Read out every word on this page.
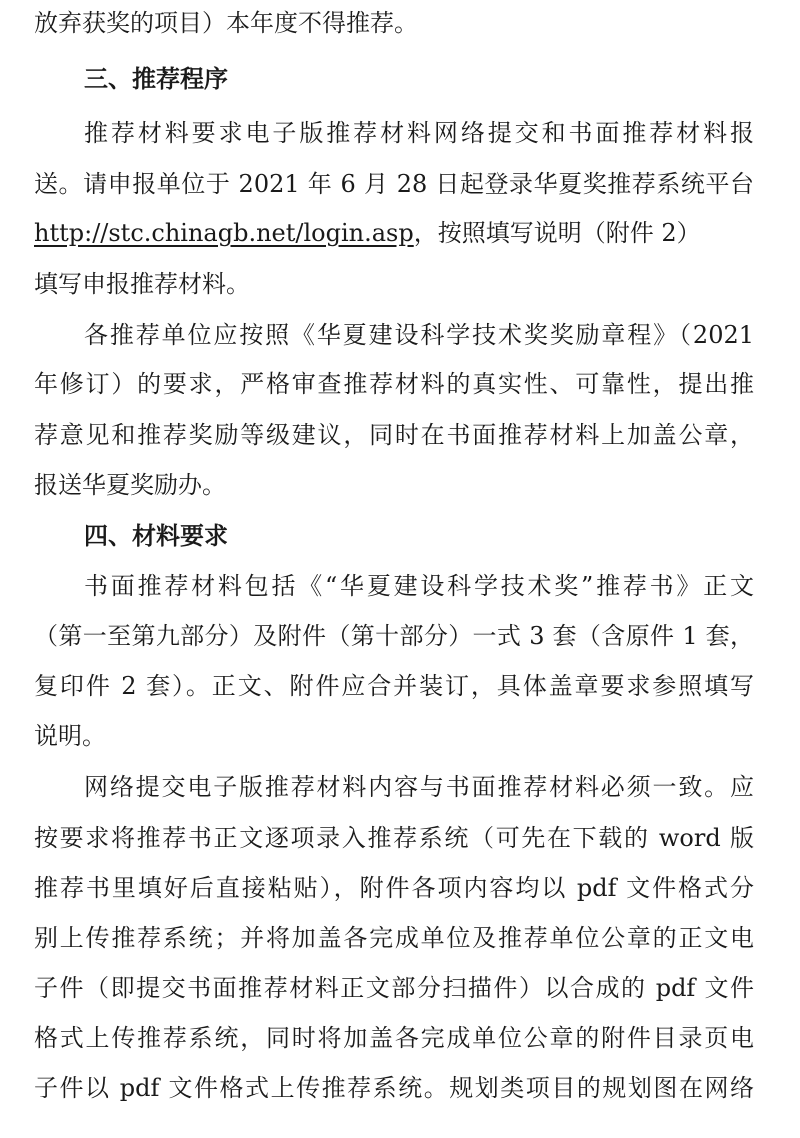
放弃获奖的项目）本年度不得推荐。
三、推荐程序
推荐材料要求电子版推荐材料网络提交和书面推荐材料报
送。请申报单位于 2021 年 6 月 28 日起登录华夏奖推荐系统平台
http://stc.chinagb.net/login.asp，按照填写说明（附件 2）
填写申报推荐材料。
各推荐单位应按照《华夏建设科学技术奖奖励章程》（2021
年修订）的要求，严格审查推荐材料的真实性、可靠性，提出推
荐意见和推荐奖励等级建议，同时在书面推荐材料上加盖公章，
报送华夏奖励办。
四、材料要求
书面推荐材料包括《“华夏建设科学技术奖”推荐书》正文
（第一至第九部分）及附件（第十部分）一式 3 套（含原件 1 套，
复印件 2 套）。正文、附件应合并装订，具体盖章要求参照填写
说明。
网络提交电子版推荐材料内容与书面推荐材料必须一致。应
按要求将推荐书正文逐项录入推荐系统（可先在下载的 word 版
推荐书里填好后直接粘贴），附件各项内容均以 pdf 文件格式分
别上传推荐系统；并将加盖各完成单位及推荐单位公章的正文电
子件（即提交书面推荐材料正文部分扫描件）以合成的 pdf 文件
格式上传推荐系统，同时将加盖各完成单位公章的附件目录页电
子件以 pdf 文件格式上传推荐系统。规划类项目的规划图在网络
